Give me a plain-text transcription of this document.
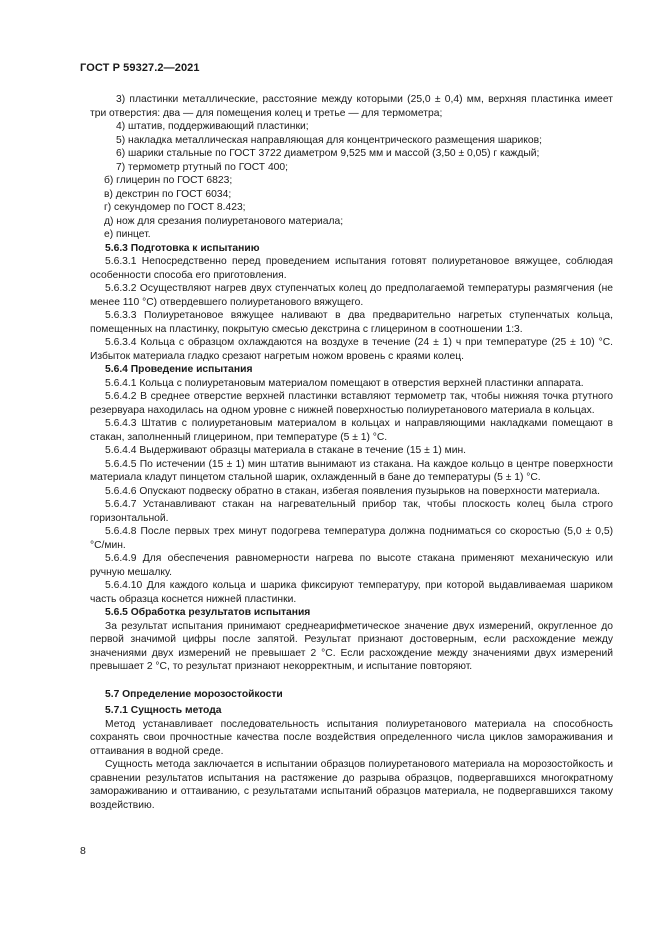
ГОСТ Р 59327.2—2021

3) пластинки металлические, расстояние между которыми (25,0 ± 0,4) мм, верхняя пластинка имеет три отверстия: два — для помещения колец и третье — для термометра;

4) штатив, поддерживающий пластинки;

5) накладка металлическая направляющая для концентрического размещения шариков;

6) шарики стальные по ГОСТ 3722 диаметром 9,525 мм и массой (3,50 ± 0,05) г каждый;

7) термометр ртутный по ГОСТ 400;

б) глицерин по ГОСТ 6823;

в) декстрин по ГОСТ 6034;

г) секундомер по ГОСТ 8.423;

д) нож для срезания полиуретанового материала;

е) пинцет.

5.6.3 Подготовка к испытанию

5.6.3.1 Непосредственно перед проведением испытания готовят полиуретановое вяжущее, соблюдая особенности способа его приготовления.

5.6.3.2 Осуществляют нагрев двух ступенчатых колец до предполагаемой температуры размягчения (не менее 110 °С) отвердевшего полиуретанового вяжущего.

5.6.3.3 Полиуретановое вяжущее наливают в два предварительно нагретых ступенчатых кольца, помещенных на пластинку, покрытую смесью декстрина с глицерином в соотношении 1:3.

5.6.3.4 Кольца с образцом охлаждаются на воздухе в течение (24 ± 1) ч при температуре (25 ± 10) °С. Избыток материала гладко срезают нагретым ножом вровень с краями колец.

5.6.4 Проведение испытания

5.6.4.1 Кольца с полиуретановым материалом помещают в отверстия верхней пластинки аппарата.

5.6.4.2 В среднее отверстие верхней пластинки вставляют термометр так, чтобы нижняя точка ртутного резервуара находилась на одном уровне с нижней поверхностью полиуретанового материала в кольцах.

5.6.4.3 Штатив с полиуретановым материалом в кольцах и направляющими накладками помещают в стакан, заполненный глицерином, при температуре (5 ± 1) °С.

5.6.4.4 Выдерживают образцы материала в стакане в течение (15 ± 1) мин.

5.6.4.5 По истечении (15 ± 1) мин штатив вынимают из стакана. На каждое кольцо в центре поверхности материала кладут пинцетом стальной шарик, охлажденный в бане до температуры (5 ± 1) °С.

5.6.4.6 Опускают подвеску обратно в стакан, избегая появления пузырьков на поверхности материала.

5.6.4.7 Устанавливают стакан на нагревательный прибор так, чтобы плоскость колец была строго горизонтальной.

5.6.4.8 После первых трех минут подогрева температура должна подниматься со скоростью (5,0 ± 0,5) °С/мин.

5.6.4.9 Для обеспечения равномерности нагрева по высоте стакана применяют механическую или ручную мешалку.

5.6.4.10 Для каждого кольца и шарика фиксируют температуру, при которой выдавливаемая шариком часть образца коснется нижней пластинки.

5.6.5 Обработка результатов испытания

За результат испытания принимают среднеарифметическое значение двух измерений, округленное до первой значимой цифры после запятой. Результат признают достоверным, если расхождение между значениями двух измерений не превышает 2 °С. Если расхождение между значениями двух измерений превышает 2 °С, то результат признают некорректным, и испытание повторяют.

5.7 Определение морозостойкости

5.7.1 Сущность метода

Метод устанавливает последовательность испытания полиуретанового материала на способность сохранять свои прочностные качества после воздействия определенного числа циклов замораживания и оттаивания в водной среде.

Сущность метода заключается в испытании образцов полиуретанового материала на морозостойкость и сравнении результатов испытания на растяжение до разрыва образцов, подвергавшихся многократному замораживанию и оттаиванию, с результатами испытаний образцов материала, не подвергавшихся такому воздействию.

8
